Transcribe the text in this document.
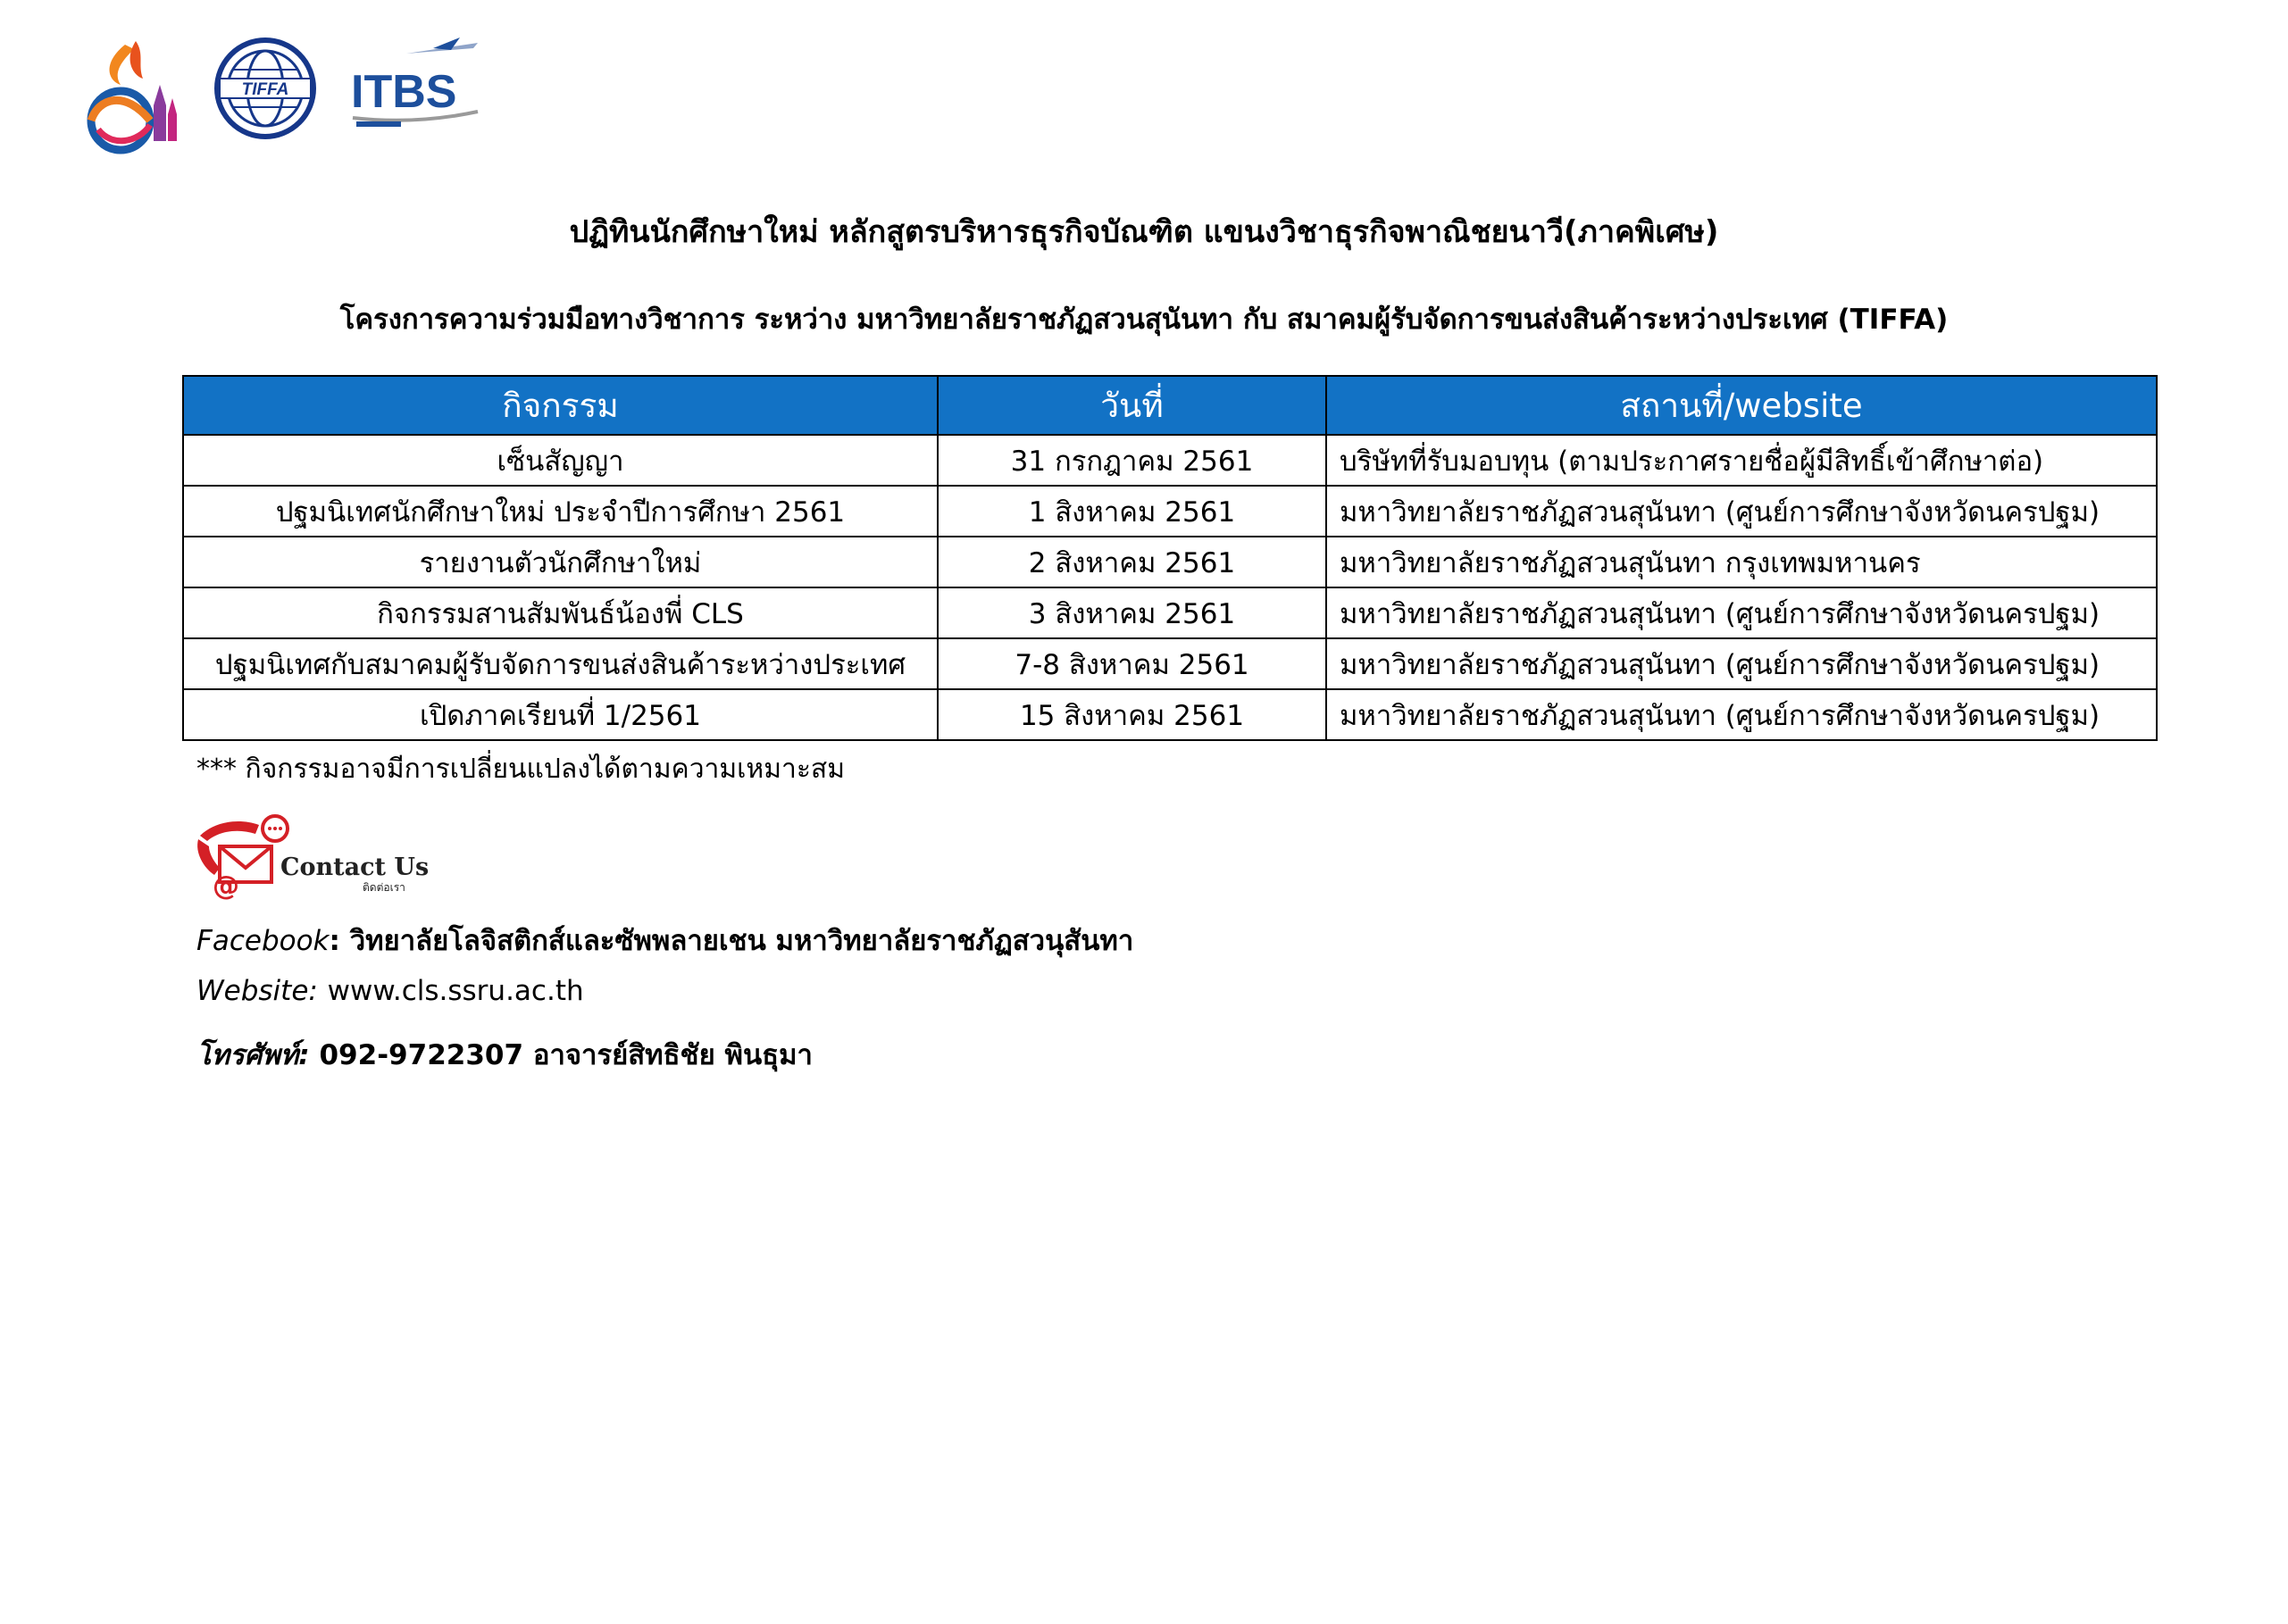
TIFFA ITBS
ปฏิทินนักศึกษาใหม่ หลักสูตรบริหารธุรกิจบัณฑิต แขนงวิชาธุรกิจพาณิชยนาวี(ภาคพิเศษ)
โครงการความร่วมมือทางวิชาการ ระหว่าง มหาวิทยาลัยราชภัฏสวนสุนันทา กับ สมาคมผู้รับจัดการขนส่งสินค้าระหว่างประเทศ (TIFFA)
กิจกรรม	วันที่	สถานที่/website
เซ็นสัญญา	31 กรกฎาคม 2561	บริษัทที่รับมอบทุน (ตามประกาศรายชื่อผู้มีสิทธิ์เข้าศึกษาต่อ)
ปฐมนิเทศนักศึกษาใหม่ ประจำปีการศึกษา 2561	1 สิงหาคม 2561	มหาวิทยาลัยราชภัฏสวนสุนันทา (ศูนย์การศึกษาจังหวัดนครปฐม)
รายงานตัวนักศึกษาใหม่	2 สิงหาคม 2561	มหาวิทยาลัยราชภัฏสวนสุนันทา กรุงเทพมหานคร
กิจกรรมสานสัมพันธ์น้องพี่ CLS	3 สิงหาคม 2561	มหาวิทยาลัยราชภัฏสวนสุนันทา (ศูนย์การศึกษาจังหวัดนครปฐม)
ปฐมนิเทศกับสมาคมผู้รับจัดการขนส่งสินค้าระหว่างประเทศ	7-8 สิงหาคม 2561	มหาวิทยาลัยราชภัฏสวนสุนันทา (ศูนย์การศึกษาจังหวัดนครปฐม)
เปิดภาคเรียนที่ 1/2561	15 สิงหาคม 2561	มหาวิทยาลัยราชภัฏสวนสุนันทา (ศูนย์การศึกษาจังหวัดนครปฐม)
*** กิจกรรมอาจมีการเปลี่ยนแปลงได้ตามความเหมาะสม
@
Contact Us
ติดต่อเรา
Facebook: วิทยาลัยโลจิสติกส์และซัพพลายเชน มหาวิทยาลัยราชภัฏสวนุสันทา
Website: www.cls.ssru.ac.th
โทรศัพท์: 092-9722307 อาจารย์สิทธิชัย พินธุมา
